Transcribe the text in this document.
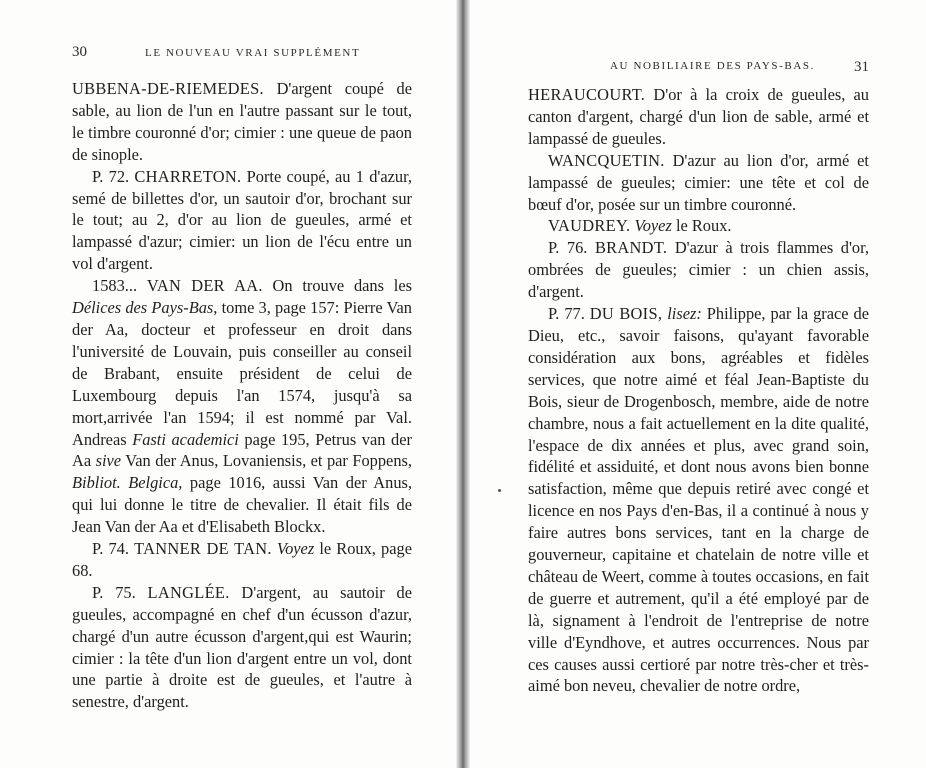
30	LE NOUVEAU VRAI SUPPLÉMENT

UBBENA-DE-RIEMEDES. D'argent coupé de sable, au lion de l'un en l'autre passant sur le tout, le timbre couronné d'or; cimier : une queue de paon de sinople.

P. 72. CHARRETON. Porte coupé, au 1 d'azur, semé de billettes d'or, un sautoir d'or, brochant sur le tout; au 2, d'or au lion de gueules, armé et lampassé d'azur; cimier: un lion de l'écu entre un vol d'argent.

1583... VAN DER AA. On trouve dans les Délices des Pays-Bas, tome 3, page 157: Pierre Van der Aa, docteur et professeur en droit dans l'université de Louvain, puis conseiller au conseil de Brabant, ensuite président de celui de Luxembourg depuis l'an 1574, jusqu'à sa mort,arrivée l'an 1594; il est nommé par Val. Andreas Fasti academici page 195, Petrus van der Aa sive Van der Anus, Lovaniensis, et par Foppens, Bibliot. Belgica, page 1016, aussi Van der Anus, qui lui donne le titre de chevalier. Il était fils de Jean Van der Aa et d'Elisabeth Blockx.

P. 74. TANNER DE TAN. Voyez le Roux, page 68.

P. 75. LANGLÉE. D'argent, au sautoir de gueules, accompagné en chef d'un écusson d'azur, chargé d'un autre écusson d'argent,qui est Waurin; cimier : la tête d'un lion d'argent entre un vol, dont une partie à droite est de gueules, et l'autre à senestre, d'argent.

AU NOBILIAIRE DES PAYS-BAS.	31

HERAUCOURT. D'or à la croix de gueules, au canton d'argent, chargé d'un lion de sable, armé et lampassé de gueules.

WANCQUETIN. D'azur au lion d'or, armé et lampassé de gueules; cimier: une tête et col de bœuf d'or, posée sur un timbre couronné.

VAUDREY. Voyez le Roux.

P. 76. BRANDT. D'azur à trois flammes d'or, ombrées de gueules; cimier : un chien assis, d'argent.

P. 77. DU BOIS, lisez: Philippe, par la grace de Dieu, etc., savoir faisons, qu'ayant favorable considération aux bons, agréables et fidèles services, que notre aimé et féal Jean-Baptiste du Bois, sieur de Drogenbosch, membre, aide de notre chambre, nous a fait actuellement en la dite qualité, l'espace de dix années et plus, avec grand soin, fidélité et assiduité, et dont nous avons bien bonne satisfaction, même que depuis retiré avec congé et licence en nos Pays d'en-Bas, il a continué à nous y faire autres bons services, tant en la charge de gouverneur, capitaine et chatelain de notre ville et château de Weert, comme à toutes occasions, en fait de guerre et autrement, qu'il a été employé par de là, signament à l'endroit de l'entreprise de notre ville d'Eyndhove, et autres occurrences. Nous par ces causes aussi certioré par notre très-cher et très-aimé bon neveu, chevalier de notre ordre,
